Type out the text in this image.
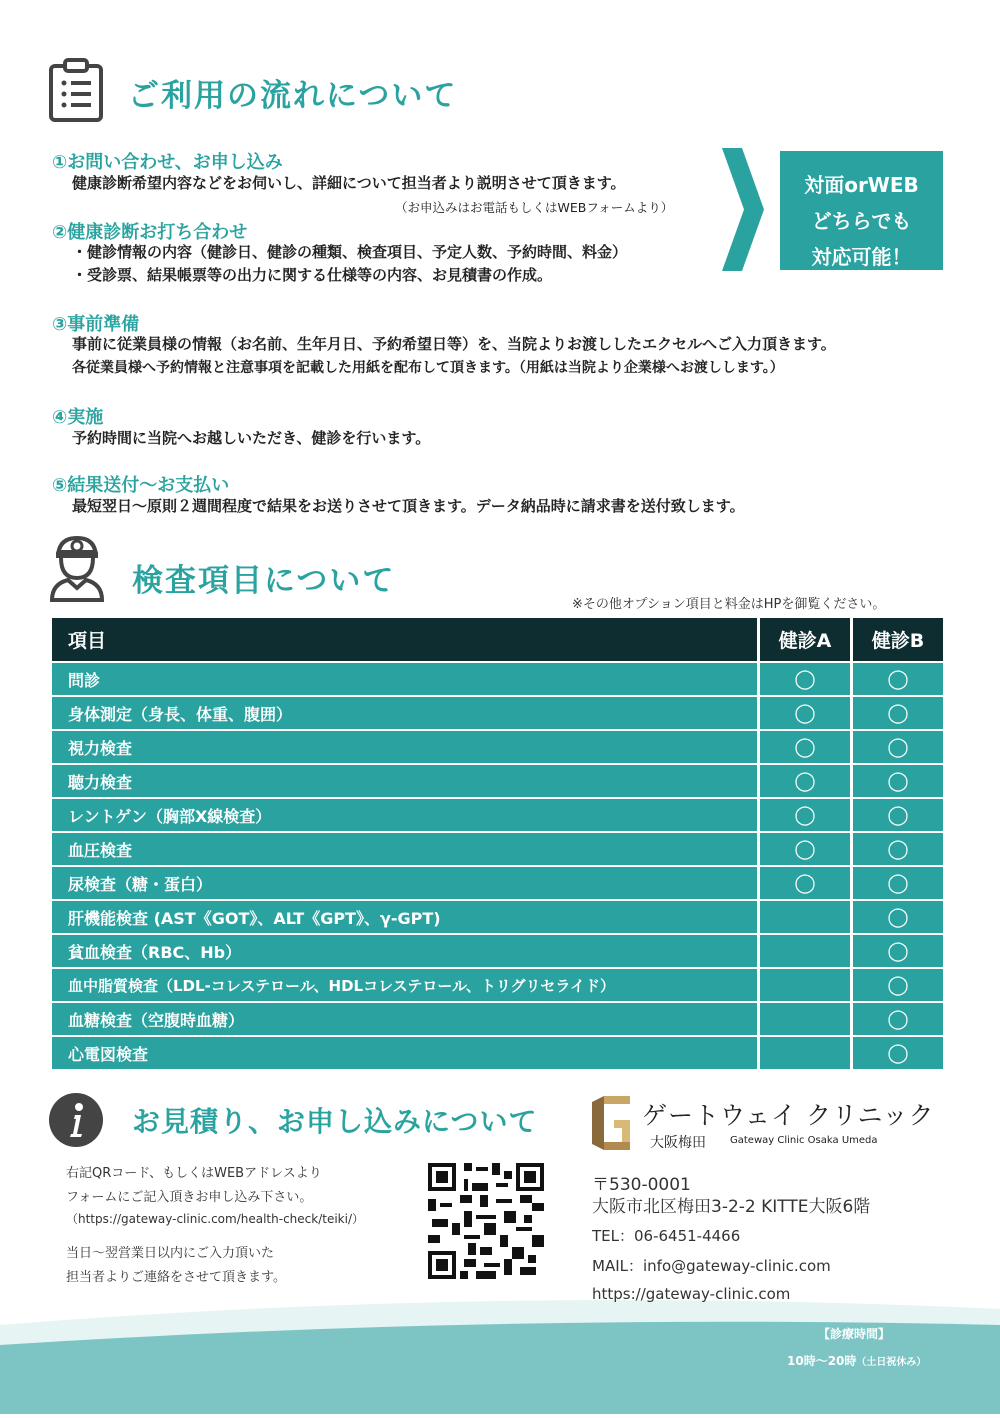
ご利用の流れについて
①お問い合わせ、お申し込み
健康診断希望内容などをお伺いし、詳細について担当者より説明させて頂きます。
（お申込みはお電話もしくはWEBフォームより）
②健康診断お打ち合わせ
・健診情報の内容（健診日、健診の種類、検査項目、予定人数、予約時間、料金）
・受診票、結果帳票等の出力に関する仕様等の内容、お見積書の作成。
③事前準備
事前に従業員様の情報（お名前、生年月日、予約希望日等）を、当院よりお渡ししたエクセルへご入力頂きます。
各従業員様へ予約情報と注意事項を記載した用紙を配布して頂きます。（用紙は当院より企業様へお渡しします。）
④実施
予約時間に当院へお越しいただき、健診を行います。
⑤結果送付～お支払い
最短翌日～原則２週間程度で結果をお送りさせて頂きます。データ納品時に請求書を送付致します。
対面orWEB
どちらでも
対応可能！
検査項目について
※その他オプション項目と料金はHPを御覧ください。
項目	健診A	健診B
問診	◯	◯
身体測定（身長、体重、腹囲）	◯	◯
視力検査	◯	◯
聴力検査	◯	◯
レントゲン（胸部X線検査）	◯	◯
血圧検査	◯	◯
尿検査（糖・蛋白）	◯	◯
肝機能検査 (AST《GOT》、ALT《GPT》、γ-GPT)		◯
貧血検査（RBC、Hb）		◯
血中脂質検査（LDL-コレステロール、HDLコレステロール、トリグリセライド）		◯
血糖検査（空腹時血糖）		◯
心電図検査		◯
お見積り、お申し込みについて
右記QRコード、もしくはWEBアドレスより
フォームにご記入頂きお申し込み下さい。
（https://gateway-clinic.com/health-check/teiki/）
当日～翌営業日以内にご入力頂いた
担当者よりご連絡をさせて頂きます。
ゲートウェイ クリニック
大阪梅田 Gateway Clinic Osaka Umeda
〒530-0001
大阪市北区梅田3-2-2 KITTE大阪6階
TEL：06-6451-4466
MAIL：info@gateway-clinic.com
https://gateway-clinic.com
【診療時間】
10時～20時（土日祝休み）
